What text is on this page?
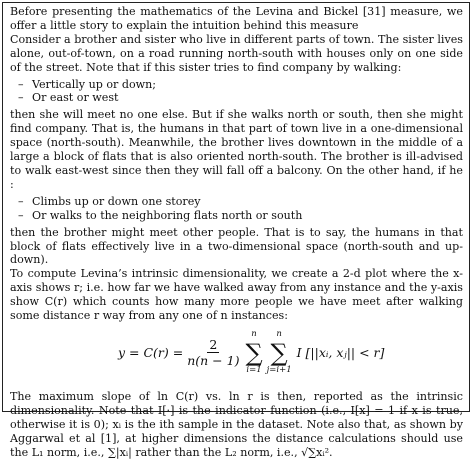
Before presenting the mathematics of the Levina and Bickel [31] measure, we offer a little story to explain the intuition behind this measure

Consider a brother and sister who live in different parts of town. The sister lives alone, out-of-town, on a road running north-south with houses only on one side of the street. Note that if this sister tries to find company by walking:

– Vertically up or down;
– Or east or west

then she will meet no one else. But if she walks north or south, then she might find company. That is, the humans in that part of town live in a one-dimensional space (north-south). Meanwhile, the brother lives downtown in the middle of a large a block of flats that is also oriented north-south. The brother is ill-advised to walk east-west since then they will fall off a balcony. On the other hand, if he :

– Climbs up or down one storey
– Or walks to the neighboring flats north or south

then the brother might meet other people. That is to say, the humans in that block of flats effectively live in a two-dimensional space (north-south and up-down).

To compute Levina’s intrinsic dimensionality, we create a 2-d plot where the x-axis shows r; i.e. how far we have walked away from any instance and the y-axis show C(r) which counts how many more people we have meet after walking some distance r way from any one of n instances:

$y = C(r) = \frac{2}{n(n - 1)}$
n
∑
i=1
n
∑
j=i+1
I [||xᵢ, xⱼ|| < r]

The maximum slope of ln C(r) vs. ln r is then, reported as the intrinsic dimensionality. Note that I[·] is the indicator function (i.e., I[x] = 1 if x is true, otherwise it is 0); xᵢ is the ith sample in the dataset. Note also that, as shown by Aggarwal et al [1], at higher dimensions the distance calculations should use the L₁ norm, i.e., ∑|xᵢ| rather than the L₂ norm, i.e., √∑xᵢ².
